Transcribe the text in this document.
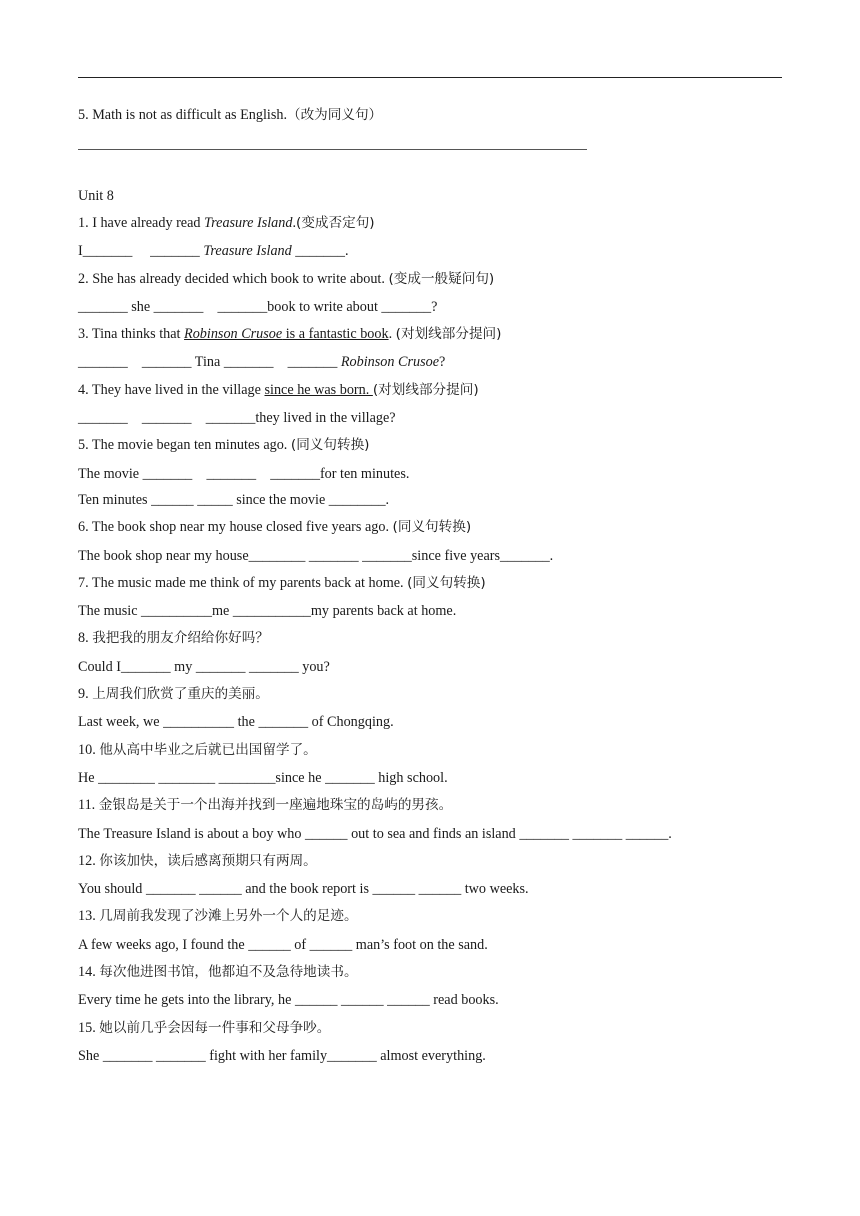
5. Math is not as difficult as English.（改为同义句）
Unit 8
1. I have already read Treasure Island.(变成否定句)
I_______     _______ Treasure Island _______.
2. She has already decided which book to write about. (变成一般疑问句)
_______ she _______    _______book to write about _______?
3. Tina thinks that Robinson Crusoe is a fantastic book. (对划线部分提问)
_______    _______ Tina _______    _______ Robinson Crusoe?
4. They have lived in the village since he was born. (对划线部分提问)
_______    _______    _______they lived in the village?
5. The movie began ten minutes ago. (同义句转换)
The movie _______    _______    _______for ten minutes.
Ten minutes ______ _____ since the movie ________.
6. The book shop near my house closed five years ago. (同义句转换)
The book shop near my house________ _______ _______since five years_______.
7. The music made me think of my parents back at home. (同义句转换)
The music __________me ___________my parents back at home.
8. 我把我的朋友介绍给你好吗？
Could I_______ my _______ _______ you?
9. 上周我们欣赏了重庆的美丽。
Last week, we __________ the _______ of Chongqing.
10. 他从高中毕业之后就已出国留学了。
He ________ ________ ________since he _______ high school.
11. 金银岛是关于一个出海并找到一座遍地珠宝的岛屿的男孩。
The Treasure Island is about a boy who ______ out to sea and finds an island _______ _______ ______.
12. 你该加快，读后感离预期只有两周。
You should _______ ______ and the book report is ______ ______ two weeks.
13. 几周前我发现了沙滩上另外一个人的足迹。
A few weeks ago, I found the ______ of ______ man’s foot on the sand.
14. 每次他进图书馆，他都迫不及急待地读书。
Every time he gets into the library, he ______ ______ ______ read books.
15. 她以前几乎会因每一件事和父母争吵。
She _______ _______ fight with her family_______ almost everything.
